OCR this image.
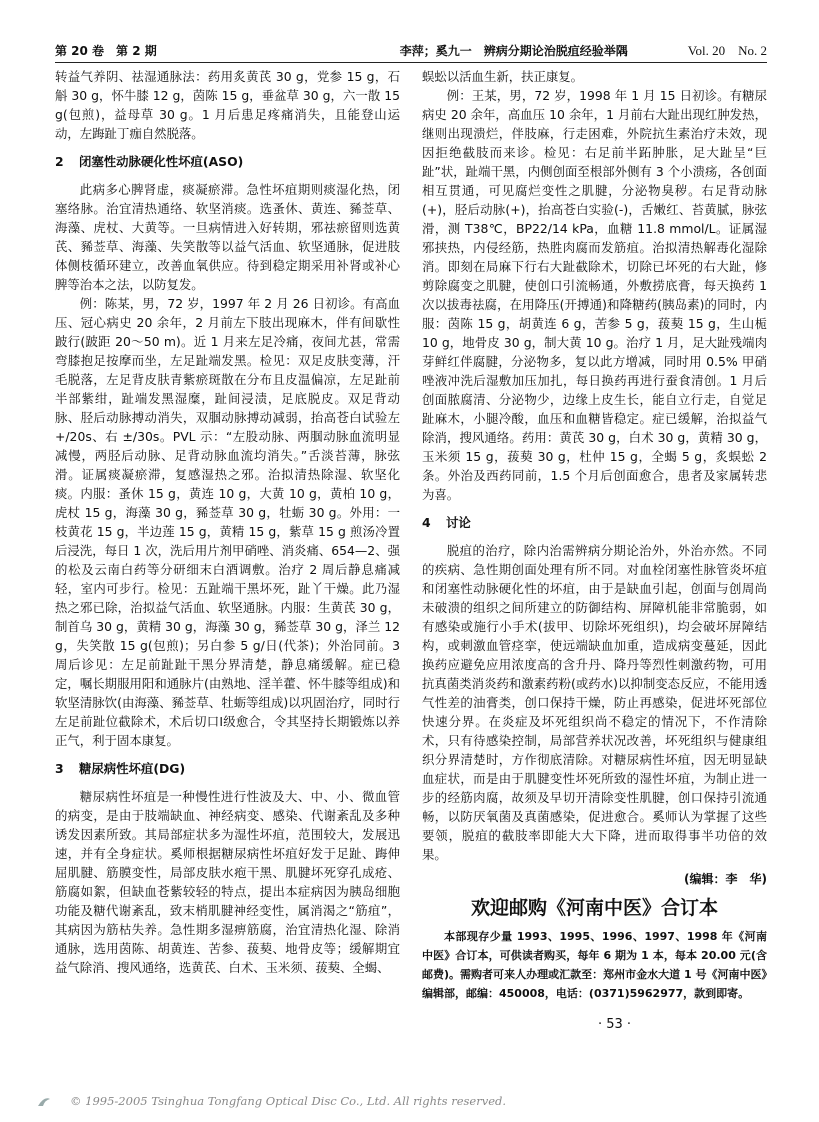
第 20 卷　第 2 期	李萍；奚九一　辨病分期论治脱疽经验举隅	Vol. 20　No. 2

转益气养阴、祛湿通脉法：药用炙黄芪 30 g，党参 15 g，石斛 30 g，怀牛膝 12 g，茵陈 15 g，垂盆草 30 g，六一散 15 g(包煎)，益母草 30 g。1 月后患足疼痛消失，且能登山运动，左踇趾丁痂自然脱落。

2 闭塞性动脉硬化性坏疽(ASO)

此病多心脾肾虚，痰凝瘀滞。急性坏疽期则痰湿化热，闭塞络脉。治宜清热通络、软坚消痰。选蚤休、黄连、豨莶草、海藻、虎杖、大黄等。一旦病情进入好转期，邪祛瘀留则选黄芪、豨莶草、海藻、失笑散等以益气活血、软坚通脉，促进肢体侧枝循环建立，改善血氧供应。待到稳定期采用补肾或补心脾等治本之法，以防复发。

例：陈某，男，72 岁，1997 年 2 月 26 日初诊。有高血压、冠心病史 20 余年，2 月前左下肢出现麻木，伴有间歇性跛行(跛距 20～50 m)。近 1 月来左足冷痛，夜间尤甚，常需弯膝抱足按摩而坐，左足趾端发黑。检见：双足皮肤变薄，汗毛脱落，左足背皮肤青紫瘀斑散在分布且皮温偏凉，左足趾前半部紫绀，趾端发黑湿糜，趾间浸渍，足底脱皮。双足背动脉、胫后动脉搏动消失，双腘动脉搏动减弱，抬高苍白试验左 +/20s、右 ±/30s。PVL 示：“左股动脉、两腘动脉血流明显减慢，两胫后动脉、足背动脉血流均消失。”舌淡苔薄，脉弦滑。证属痰凝瘀滞，复感湿热之邪。治拟清热除湿、软坚化痰。内服：蚤休 15 g，黄连 10 g，大黄 10 g，黄柏 10 g，虎杖 15 g，海藻 30 g，豨莶草 30 g，牡蛎 30 g。外用：一枝黄花 15 g，半边莲 15 g，黄精 15 g，紫草 15 g 煎汤冷置后浸洗，每日 1 次，洗后用片剂甲硝唑、消炎痛、654—2、强的松及云南白药等分研细末白酒调敷。治疗 2 周后静息痛减轻，室内可步行。检见：五趾端干黑坏死，趾丫干燥。此乃湿热之邪已除，治拟益气活血、软坚通脉。内服：生黄芪 30 g，制首乌 30 g，黄精 30 g，海藻 30 g，豨莶草 30 g，泽兰 12 g，失笑散 15 g(包煎)；另白参 5 g/日(代茶)；外治同前。3 周后诊见：左足前趾趾干黑分界清楚，静息痛缓解。症已稳定，嘱长期服用阳和通脉片(由熟地、淫羊藿、怀牛膝等组成)和软坚清脉饮(由海藻、豨莶草、牡蛎等组成)以巩固治疗，同时行左足前趾位截除术，术后切口Ⅰ级愈合，令其坚持长期锻炼以养正气，利于固本康复。

3 糖尿病性坏疽(DG)

糖尿病性坏疽是一种慢性进行性波及大、中、小、微血管的病变，是由于肢端缺血、神经病变、感染、代谢紊乱及多种诱发因素所致。其局部症状多为湿性坏疽，范围较大，发展迅速，并有全身症状。奚师根据糖尿病性坏疽好发于足趾、踇伸屈肌腱、筋膜变性，局部皮肤水疱干黑、肌腱坏死穿孔成疮、筋腐如絮，但缺血苍紫较轻的特点，提出本症病因为胰岛细胞功能及糖代谢紊乱，致末梢肌腱神经变性，属消渴之“筋疽”，其病因为筋枯失养。急性期多湿痹筋腐，治宜清热化湿、除消通脉，选用茵陈、胡黄连、苦参、菝葜、地骨皮等；缓解期宜益气除消、搜风通络，选黄芪、白术、玉米须、菝葜、全蝎、

蜈蚣以活血生新，扶正康复。

例：王某，男，72 岁，1998 年 1 月 15 日初诊。有糖尿病史 20 余年，高血压 10 余年，1 月前右大趾出现红肿发热，继则出现溃烂，伴肢麻，行走困难，外院抗生素治疗未效，现因拒绝截肢而来诊。检见：右足前半跖肿胀，足大趾呈“巨趾”状，趾端干黑，内侧创面至根部外侧有 3 个小溃疡，各创面相互贯通，可见腐烂变性之肌腱，分泌物臭秽。右足背动脉(+)，胫后动脉(+)，抬高苍白实验(-)，舌嫩红、苔黄腻，脉弦滑，测 T38℃，BP22/14 kPa，血糖 11.8 mmol/L。证属湿邪挟热，内侵经筋，热胜肉腐而发筋疽。治拟清热解毒化湿除消。即刻在局麻下行右大趾截除术，切除已坏死的右大趾，修剪除腐变之肌腱，使创口引流畅通，外敷捞底膏，每天换药 1 次以拔毒祛腐，在用降压(开搏通)和降糖药(胰岛素)的同时，内服：茵陈 15 g，胡黄连 6 g，苦参 5 g，菝葜 15 g，生山栀 10 g，地骨皮 30 g，制大黄 10 g。治疗 1 月，足大趾残端肉芽鲜红伴腐腱，分泌物多，复以此方增减，同时用 0.5% 甲硝唑液冲洗后湿敷加压加扎，每日换药再进行蚕食清创。1 月后创面脓腐清、分泌物少，边缘上皮生长，能自立行走，自觉足趾麻木，小腿冷酸，血压和血糖皆稳定。症已缓解，治拟益气除消，搜风通络。药用：黄芪 30 g，白术 30 g，黄精 30 g，玉米须 15 g，菝葜 30 g，杜仲 15 g，全蝎 5 g，炙蜈蚣 2 条。外治及西药同前，1.5 个月后创面愈合，患者及家属转悲为喜。

4 讨论

脱疽的治疗，除内治需辨病分期论治外，外治亦然。不同的疾病、急性期创面处理有所不同。对血栓闭塞性脉管炎坏疽和闭塞性动脉硬化性的坏疽，由于是缺血引起，创面与创周尚未破溃的组织之间所建立的防御结构、屏障机能非常脆弱，如有感染或施行小手术(拔甲、切除坏死组织)，均会破坏屏障结构，或刺激血管痉挛，使远端缺血加重，造成病变蔓延，因此换药应避免应用浓度高的含升丹、降丹等烈性刺激药物，可用抗真菌类消炎药和激素药粉(或药水)以抑制变态反应，不能用透气性差的油膏类，创口保持干燥，防止再感染，促进坏死部位快速分界。在炎症及坏死组织尚不稳定的情况下，不作清除术，只有待感染控制，局部营养状况改善，坏死组织与健康组织分界清楚时，方作彻底清除。对糖尿病性坏疽，因无明显缺血症状，而是由于肌腱变性坏死所致的湿性坏疽，为制止进一步的经筋肉腐，故须及早切开清除变性肌腱，创口保持引流通畅，以防厌氧菌及真菌感染，促进愈合。奚师认为掌握了这些要领，脱疽的截肢率即能大大下降，进而取得事半功倍的效果。

(编辑：李　华)
欢迎邮购《河南中医》合订本
本部现存少量 1993、1995、1996、1997、1998 年《河南中医》合订本，可供读者购买，每年 6 期为 1 本，每本 20.00 元(含邮费)。需购者可来人办理或汇款至：郑州市金水大道 1 号《河南中医》编辑部，邮编：450008，电话：(0371)5962977，款到即寄。
· 53 ·
© 1995-2005 Tsinghua Tongfang Optical Disc Co., Ltd. All rights reserved.
